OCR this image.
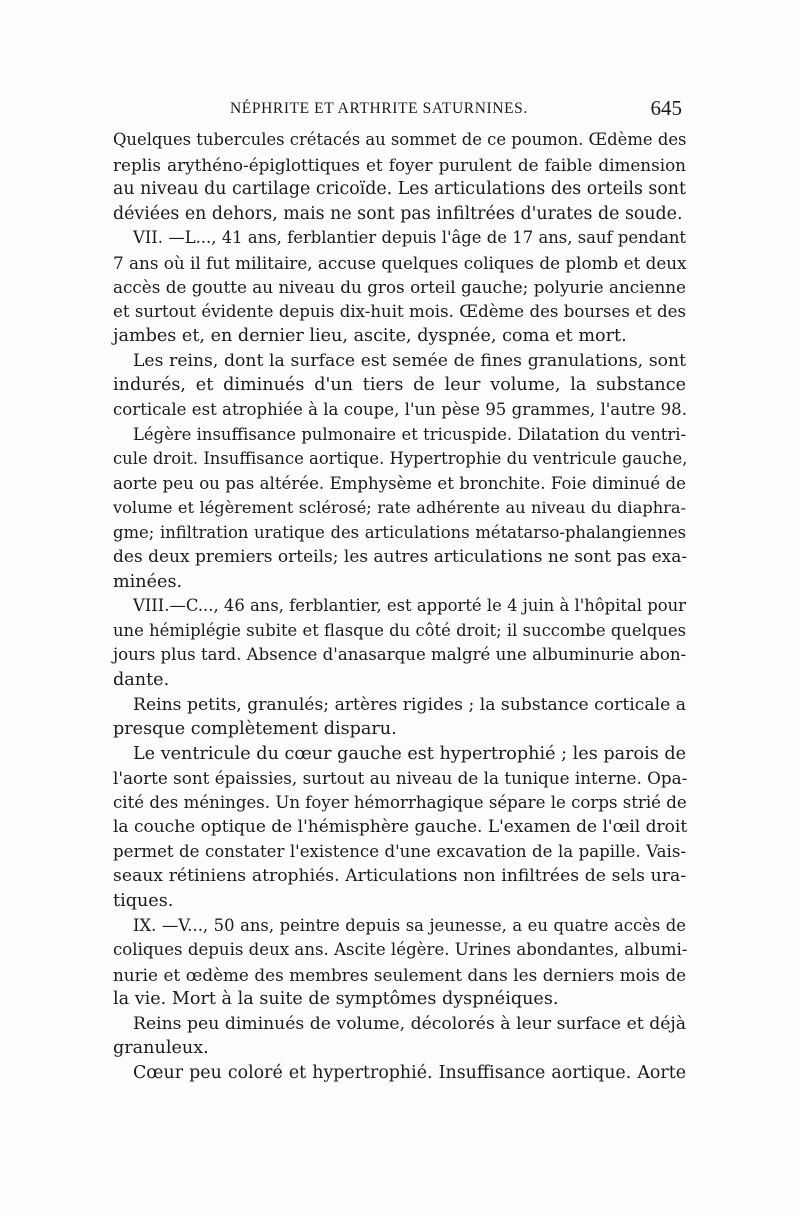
NÉPHRITE ET ARTHRITE SATURNINES.	645
Quelques tubercules crétacés au sommet de ce poumon. Œdème des
replis arythéno-épiglottiques et foyer purulent de faible dimension
au niveau du cartilage cricoïde. Les articulations des orteils sont
déviées en dehors, mais ne sont pas infiltrées d'urates de soude.
VII. —L..., 41 ans, ferblantier depuis l'âge de 17 ans, sauf pendant
7 ans où il fut militaire, accuse quelques coliques de plomb et deux
accès de goutte au niveau du gros orteil gauche; polyurie ancienne
et surtout évidente depuis dix-huit mois. Œdème des bourses et des
jambes et, en dernier lieu, ascite, dyspnée, coma et mort.
Les reins, dont la surface est semée de fines granulations, sont
indurés, et diminués d'un tiers de leur volume, la substance
corticale est atrophiée à la coupe, l'un pèse 95 grammes, l'autre 98.
Légère insuffisance pulmonaire et tricuspide. Dilatation du ventri-
cule droit. Insuffisance aortique. Hypertrophie du ventricule gauche,
aorte peu ou pas altérée. Emphysème et bronchite. Foie diminué de
volume et légèrement sclérosé; rate adhérente au niveau du diaphra-
gme; infiltration uratique des articulations métatarso-phalangiennes
des deux premiers orteils; les autres articulations ne sont pas exa-
minées.
VIII.—C..., 46 ans, ferblantier, est apporté le 4 juin à l'hôpital pour
une hémiplégie subite et flasque du côté droit; il succombe quelques
jours plus tard. Absence d'anasarque malgré une albuminurie abon-
dante.
Reins petits, granulés; artères rigides ; la substance corticale a
presque complètement disparu.
Le ventricule du cœur gauche est hypertrophié ; les parois de
l'aorte sont épaissies, surtout au niveau de la tunique interne. Opa-
cité des méninges. Un foyer hémorrhagique sépare le corps strié de
la couche optique de l'hémisphère gauche. L'examen de l'œil droit
permet de constater l'existence d'une excavation de la papille. Vais-
seaux rétiniens atrophiés. Articulations non infiltrées de sels ura-
tiques.
IX. —V..., 50 ans, peintre depuis sa jeunesse, a eu quatre accès de
coliques depuis deux ans. Ascite légère. Urines abondantes, albumi-
nurie et œdème des membres seulement dans les derniers mois de
la vie. Mort à la suite de symptômes dyspnéiques.
Reins peu diminués de volume, décolorés à leur surface et déjà
granuleux.
Cœur peu coloré et hypertrophié. Insuffisance aortique. Aorte
